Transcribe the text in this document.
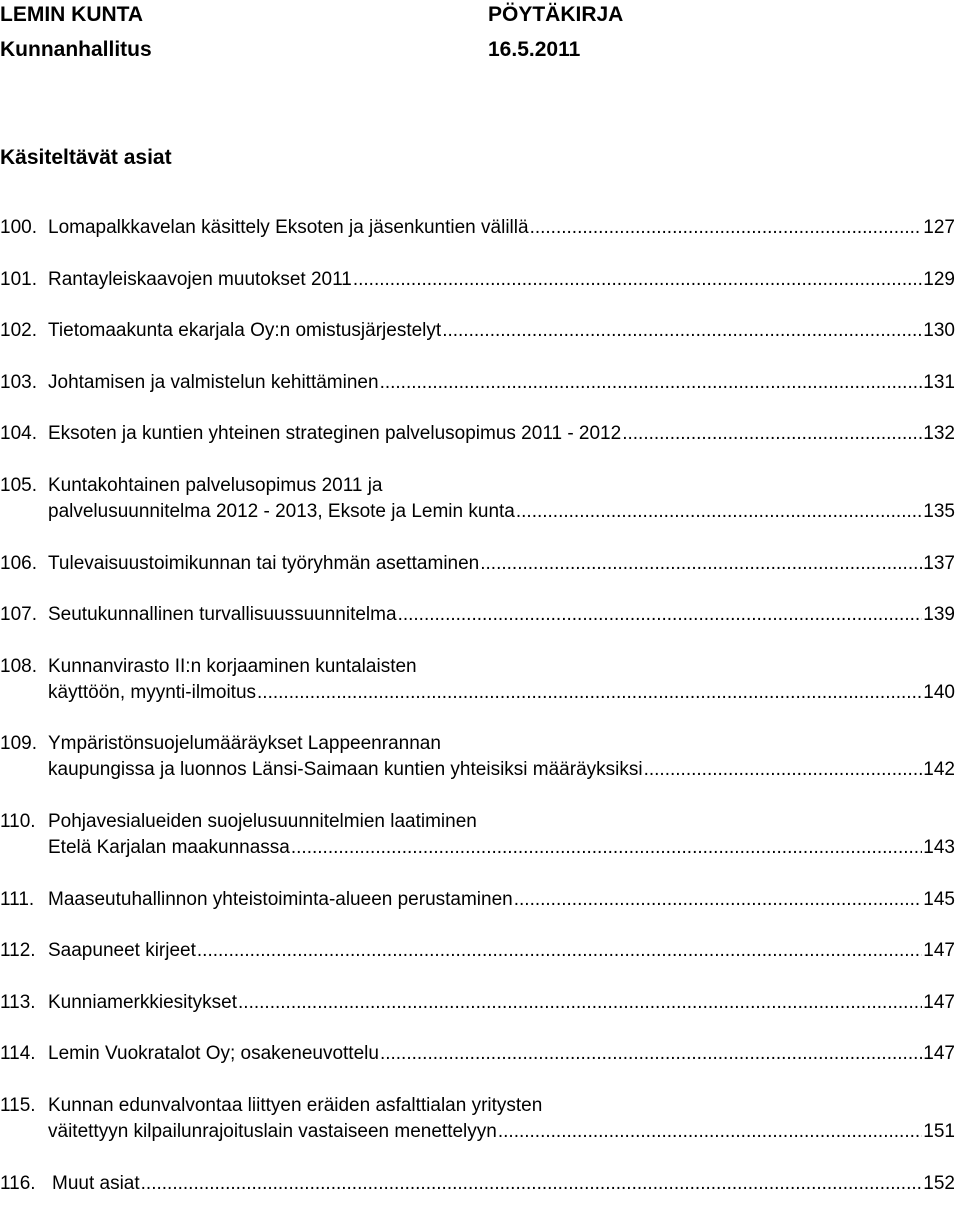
LEMIN KUNTA	PÖYTÄKIRJA
Kunnanhallitus	16.5.2011
Käsiteltävät asiat
100. Lomapalkkavelan käsittely Eksoten ja jäsenkuntien välillä .....	127
101. Rantayleiskaavojen muutokset 2011 .....	129
102. Tietomaakunta ekarjala Oy:n omistusjärjestelyt .....	130
103. Johtamisen ja valmistelun kehittäminen .....	131
104. Eksoten ja kuntien yhteinen strateginen palvelusopimus 2011 - 2012 .....	132
105. Kuntakohtainen palvelusopimus 2011 ja
palvelusuunnitelma 2012 - 2013, Eksote ja Lemin kunta .....	135
106. Tulevaisuustoimikunnan tai työryhmän asettaminen .....	137
107. Seutukunnallinen turvallisuussuunnitelma .....	139
108. Kunnanvirasto II:n korjaaminen kuntalaisten
käyttöön, myynti-ilmoitus .....	140
109. Ympäristönsuojelumääräykset Lappeenrannan
kaupungissa ja luonnos Länsi-Saimaan kuntien yhteisiksi määräyksiksi .....	142
110. Pohjavesialueiden suojelusuunnitelmien laatiminen
Etelä Karjalan maakunnassa .....	143
111. Maaseutuhallinnon yhteistoiminta-alueen perustaminen .....	145
112. Saapuneet kirjeet .....	147
113. Kunniamerkkiesitykset .....	147
114. Lemin Vuokratalot Oy; osakeneuvottelu .....	147
115. Kunnan edunvalvontaa liittyen eräiden asfalttialan yritysten
väitettyyn kilpailunrajoituslain vastaiseen menettelyyn .....	151
116. Muut asiat .....	152
